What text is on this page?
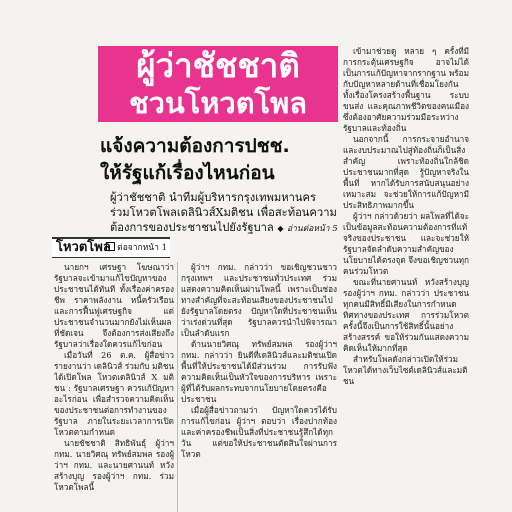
ผู้ว่าชัชชาติ
ชวนโหวตโพล
แจ้งความต้องการปชช.
ให้รัฐแก้เรื่องไหนก่อน
ผู้ว่าชัชชาติ นำทีมผู้บริหารกรุงเทพมหานคร
ร่วมโหวตโพลเดลินิวส์Xมติชน เพื่อสะท้อนความ
ต้องการของประชาชนไปยังรัฐบาล ◆ อ่านต่อหน้า 5
โหวตโพล ต่อจากหน้า 1

นายกฯ เศรษฐา โฆษณาว่า รัฐบาลจะเข้ามาแก้ไขปัญหาของประชาชนได้ทันที ทั้งเรื่องค่าครองชีพ ราคาพลังงาน หนี้ครัวเรือน และการฟื้นฟูเศรษฐกิจ แต่ประชาชนจำนวนมากยังไม่เห็นผลที่ชัดเจน จึงต้องการส่งเสียงถึงรัฐบาลว่าเรื่องใดควรแก้ไขก่อน

เมื่อวันที่ 26 ต.ค. ผู้สื่อข่าวรายงานว่า เดลินิวส์ ร่วมกับ มติชน ได้เปิดโพล โหวตเดลินิวส์ X มติชน : รัฐบาลเศรษฐา ควรแก้ปัญหาอะไรก่อน เพื่อสำรวจความคิดเห็นของประชาชนต่อการทำงานของรัฐบาล ภายในระยะเวลาการเปิดโหวตตามกำหนด

นายชัชชาติ สิทธิพันธุ์ ผู้ว่าฯ กทม. นายวิศณุ ทรัพย์สมพล รองผู้ว่าฯ กทม. และนายศานนท์ หวังสร้างบุญ รองผู้ว่าฯ กทม. ร่วมโหวตโพลนี้

ผู้ว่าฯ กทม. กล่าวว่า ขอเชิญชวนชาวกรุงเทพฯ และประชาชนทั่วประเทศ ร่วมแสดงความคิดเห็นผ่านโพลนี้ เพราะเป็นช่องทางสำคัญที่จะสะท้อนเสียงของประชาชนไปยังรัฐบาลโดยตรง ปัญหาใดที่ประชาชนเห็นว่าเร่งด่วนที่สุด รัฐบาลควรนำไปพิจารณาเป็นลำดับแรก

ด้านนายวิศณุ ทรัพย์สมพล รองผู้ว่าฯ กทม. กล่าวว่า ยินดีที่เดลินิวส์และมติชนเปิดพื้นที่ให้ประชาชนได้มีส่วนร่วม การรับฟังความคิดเห็นเป็นหัวใจของการบริหาร เพราะผู้ที่ได้รับผลกระทบจากนโยบายโดยตรงคือประชาชน

เมื่อผู้สื่อข่าวถามว่า ปัญหาใดควรได้รับการแก้ไขก่อน ผู้ว่าฯ ตอบว่า เรื่องปากท้องและค่าครองชีพเป็นสิ่งที่ประชาชนรู้สึกได้ทุกวัน แต่ขอให้ประชาชนตัดสินใจผ่านการโหวต

เข้ามาช่วยดู หลาย ๆ ครั้งที่มีการกระตุ้นเศรษฐกิจ อาจไม่ได้เป็นการแก้ปัญหาจากรากฐาน พร้อมกับปัญหาหลายด้านที่เชื่อมโยงกัน ทั้งเรื่องโครงสร้างพื้นฐาน ระบบขนส่ง และคุณภาพชีวิตของคนเมือง ซึ่งต้องอาศัยความร่วมมือระหว่างรัฐบาลและท้องถิ่น

นอกจากนี้ การกระจายอำนาจและงบประมาณไปสู่ท้องถิ่นก็เป็นสิ่งสำคัญ เพราะท้องถิ่นใกล้ชิดประชาชนมากที่สุด รู้ปัญหาจริงในพื้นที่ หากได้รับการสนับสนุนอย่างเหมาะสม จะช่วยให้การแก้ปัญหามีประสิทธิภาพมากขึ้น

ผู้ว่าฯ กล่าวด้วยว่า ผลโพลที่ได้จะเป็นข้อมูลสะท้อนความต้องการที่แท้จริงของประชาชน และจะช่วยให้รัฐบาลจัดลำดับความสำคัญของนโยบายได้ตรงจุด จึงขอเชิญชวนทุกคนร่วมโหวต

ขณะที่นายศานนท์ หวังสร้างบุญ รองผู้ว่าฯ กทม. กล่าวว่า ประชาชนทุกคนมีสิทธิ์มีเสียงในการกำหนดทิศทางของประเทศ การร่วมโหวตครั้งนี้จึงเป็นการใช้สิทธิ์นั้นอย่างสร้างสรรค์ ขอให้ร่วมกันแสดงความคิดเห็นให้มากที่สุด

สำหรับโพลดังกล่าวเปิดให้ร่วมโหวตได้ทางเว็บไซต์เดลินิวส์และมติชน
